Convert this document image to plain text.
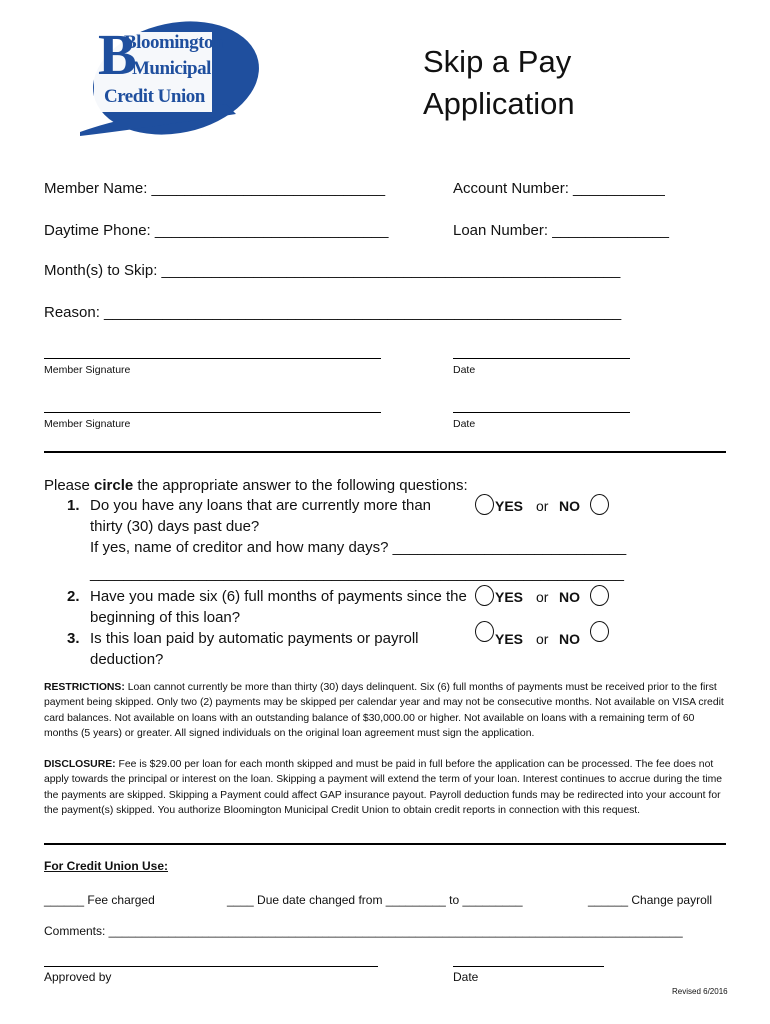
B
Bloomington
Municipal
Credit Union
Skip a Pay
Application
Member Name: ____________________________	Account Number: ___________
Daytime Phone: ____________________________	Loan Number: ______________
Month(s) to Skip: _______________________________________________________
Reason: ______________________________________________________________
Member Signature	Date
Member Signature	Date
Please circle the appropriate answer to the following questions:
1. Do you have any loans that are currently more than
thirty (30) days past due?
If yes, name of creditor and how many days? ____________________________
________________________________________________________________
YES or NO
2. Have you made six (6) full months of payments since the
beginning of this loan?
YES or NO
3. Is this loan paid by automatic payments or payroll
deduction?
YES or NO
RESTRICTIONS: Loan cannot currently be more than thirty (30) days delinquent. Six (6) full months of payments must be received prior to the first payment being skipped. Only two (2) payments may be skipped per calendar year and may not be consecutive months. Not available on VISA credit card balances. Not available on loans with an outstanding balance of $30,000.00 or higher. Not available on loans with a remaining term of 60 months (5 years) or greater. All signed individuals on the original loan agreement must sign the application.
DISCLOSURE: Fee is $29.00 per loan for each month skipped and must be paid in full before the application can be processed. The fee does not apply towards the principal or interest on the loan. Skipping a payment will extend the term of your loan. Interest continues to accrue during the time the payments are skipped. Skipping a Payment could affect GAP insurance payout. Payroll deduction funds may be redirected into your account for the payment(s) skipped. You authorize Bloomington Municipal Credit Union to obtain credit reports in connection with this request.
For Credit Union Use:
______ Fee charged	____ Due date changed from _________ to _________	______ Change payroll
Comments: ______________________________________________________________________________________
Approved by	Date
Revised 6/2016
